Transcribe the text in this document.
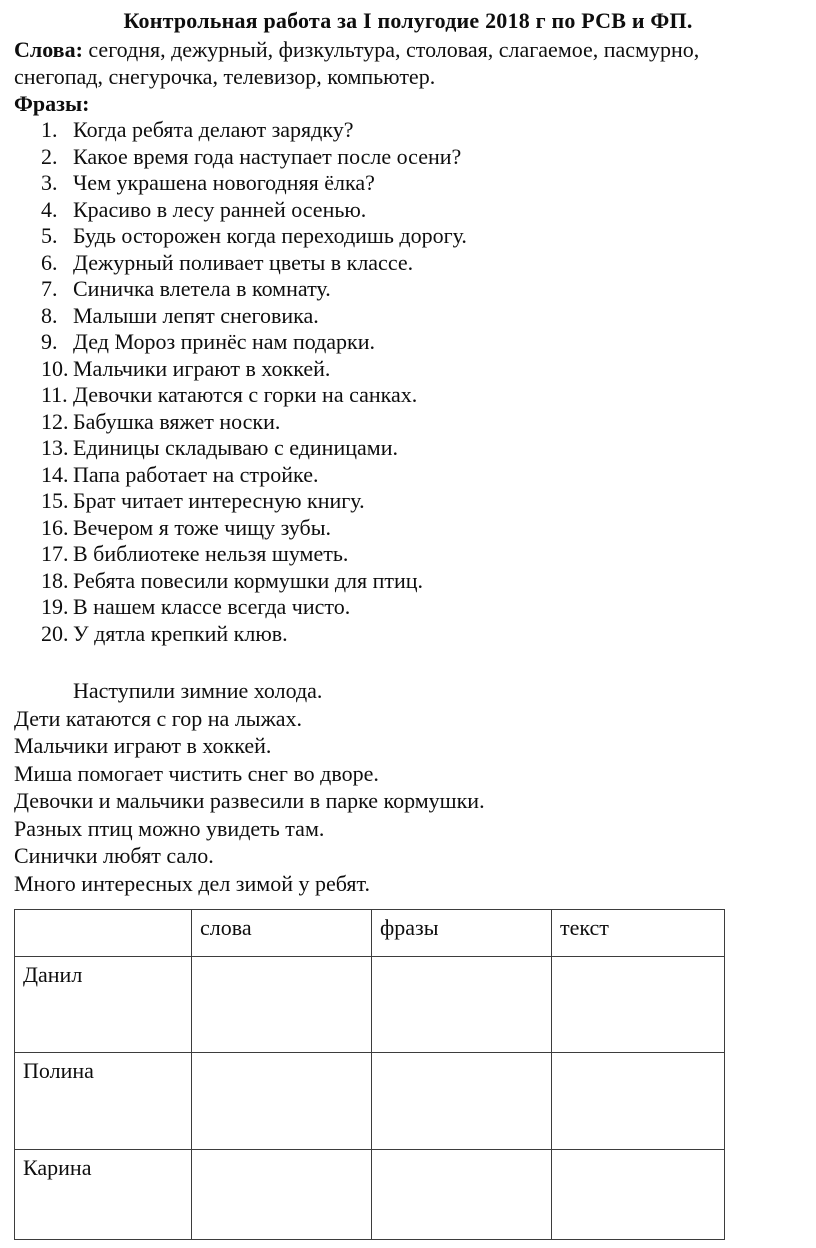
Контрольная работа за I полугодие 2018 г по РСВ и ФП.
Слова: сегодня, дежурный, физкультура, столовая, слагаемое, пасмурно,
снегопад, снегурочка, телевизор, компьютер.
Фразы:
1. Когда ребята делают зарядку?
2. Какое время года наступает после осени?
3. Чем украшена новогодняя ёлка?
4. Красиво в лесу ранней осенью.
5. Будь осторожен когда переходишь дорогу.
6. Дежурный поливает цветы в классе.
7. Синичка влетела в комнату.
8. Малыши лепят снеговика.
9. Дед Мороз принёс нам подарки.
10. Мальчики играют в хоккей.
11. Девочки катаются с горки на санках.
12. Бабушка вяжет носки.
13. Единицы складываю с единицами.
14. Папа работает на стройке.
15. Брат читает интересную книгу.
16. Вечером я тоже чищу зубы.
17. В библиотеке нельзя шуметь.
18. Ребята повесили кормушки для птиц.
19. В нашем классе всегда чисто.
20. У дятла крепкий клюв.
Наступили зимние холода.
Дети катаются с гор на лыжах.
Мальчики играют в хоккей.
Миша помогает чистить снег во дворе.
Девочки и мальчики развесили в парке кормушки.
Разных птиц можно увидеть там.
Синички любят сало.
Много интересных дел зимой у ребят.
	слова	фразы	текст
Данил			
Полина			
Карина			
